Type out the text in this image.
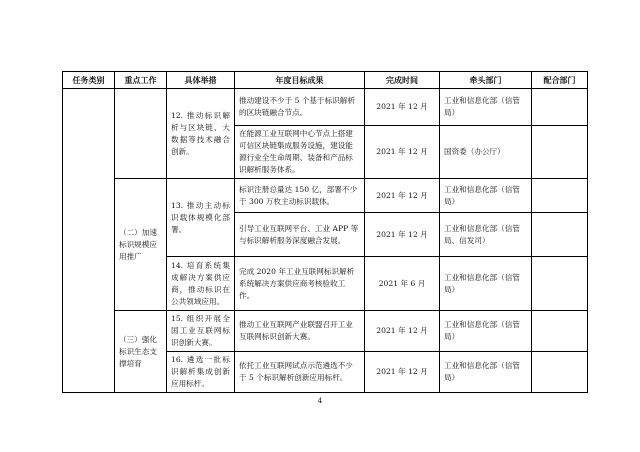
任务类别	重点工作	具体举措	年度目标成果	完成时间	牵头部门	配合部门
		12. 推动标识解析与区块链、大数据等技术融合创新。	推动建设不少于 5 个基于标识解析的区块链融合节点。	2021 年 12 月	工业和信息化部（信管局）	
			在能源工业互联网中心节点上搭建可信区块链集成服务设施，建设能源行业全生命周期、装备和产品标识解析服务体系。	2021 年 12 月	国资委（办公厅）	
	（二）加速标识规模应用推广	13. 推动主动标识载体规模化部署。	标识注册总量达 150 亿，部署不少于 300 万枚主动标识载体。	2021 年 12 月	工业和信息化部（信管局）	
			引导工业互联网平台、工业 APP 等与标识解析服务深度融合发展。	2021 年 12 月	工业和信息化部（信管局、信发司）	
		14. 培育系统集成解决方案供应商，推动标识在公共领域应用。	完成 2020 年工业互联网标识解析系统解决方案供应商考核验收工作。	2021 年 6 月	工业和信息化部（信管局）	
	（三）强化标识生态支撑培育	15. 组织开展全国工业互联网标识创新大赛。	推动工业互联网产业联盟召开工业互联网标识创新大赛。	2021 年 12 月	工业和信息化部（信管局）	
		16. 遴选一批标识解析集成创新应用标杆。	依托工业互联网试点示范遴选不少于 5 个标识解析创新应用标杆。	2021 年 12 月	工业和信息化部（信管局）	
4
